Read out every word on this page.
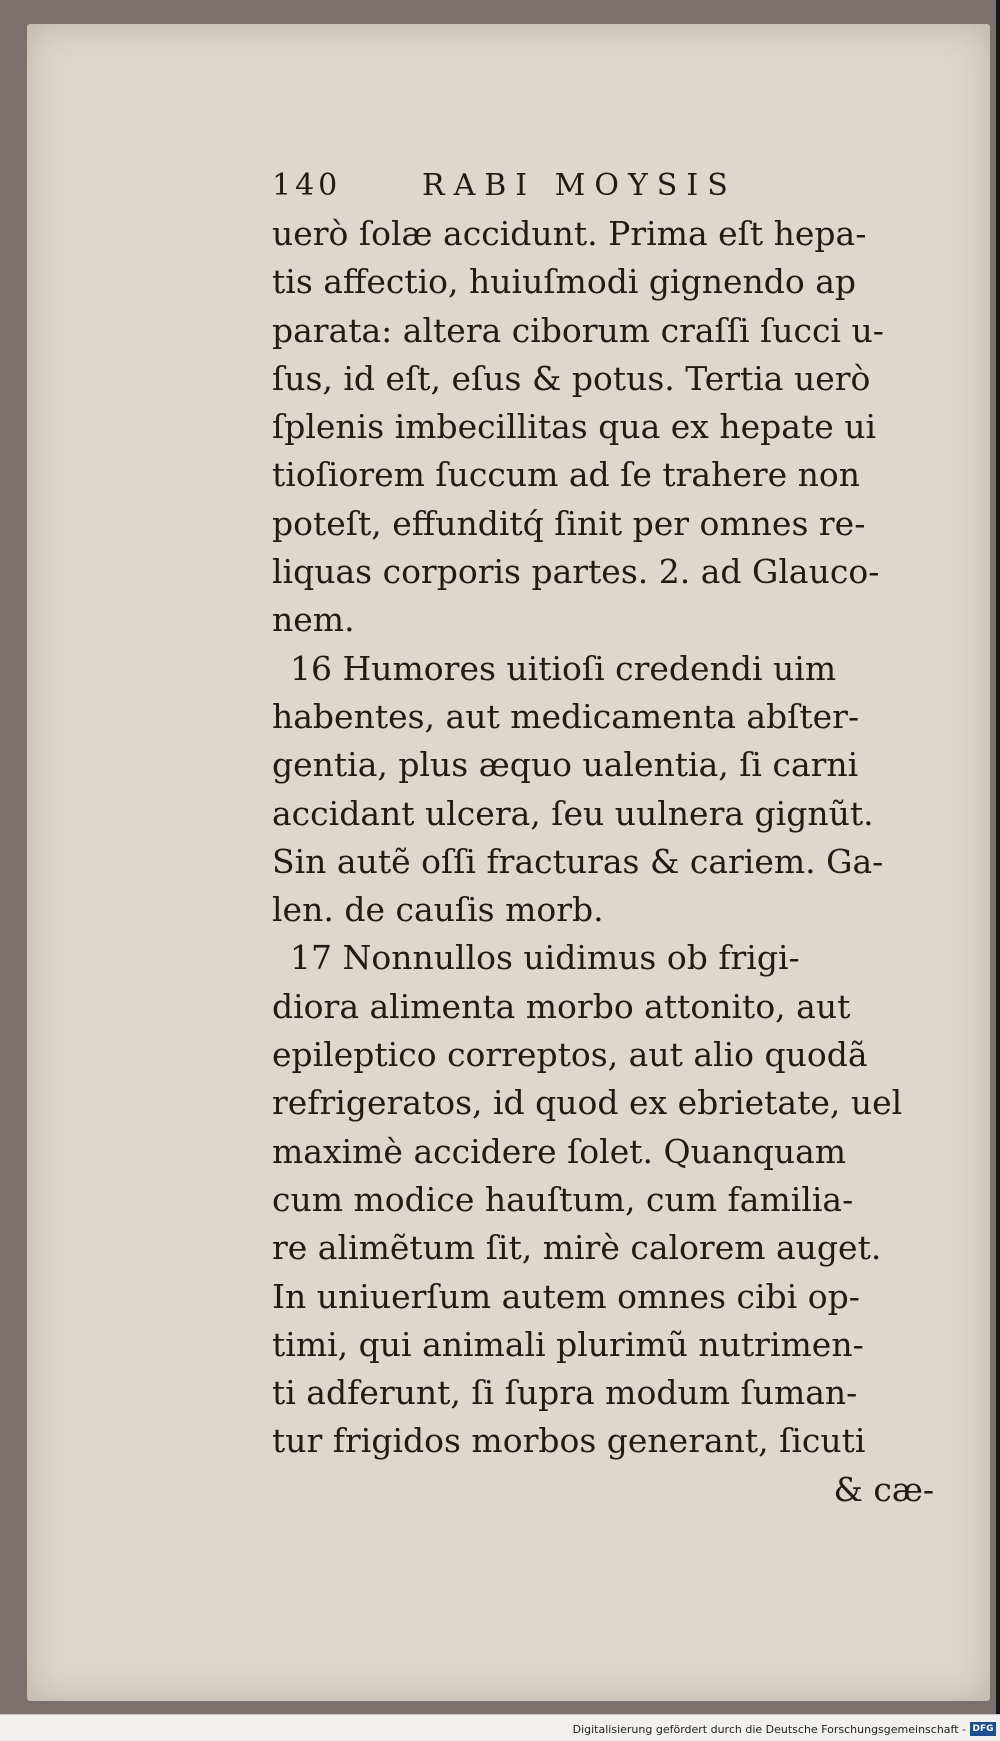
140	RABI MOYSIS
uerò ſolæ accidunt. Prima eſt hepa-
tis affectio, huiuſmodi gignendo ap
parata: altera ciborum craſſi ſucci u-
ſus, id eſt, eſus & potus. Tertia uerò
ſplenis imbecillitas qua ex hepate ui
tioſiorem ſuccum ad ſe trahere non
poteſt, effunditq́ ſinit per omnes re-
liquas corporis partes. 2. ad Glauco-
nem.
16 Humores uitioſi credendi uim
habentes, aut medicamenta abſter-
gentia, plus æquo ualentia, ſi carni
accidant ulcera, ſeu uulnera gignũt.
Sin autẽ oſſi fracturas & cariem. Ga-
len. de cauſis morb.
17 Nonnullos uidimus ob frigi-
diora alimenta morbo attonito, aut
epileptico correptos, aut alio quodã
refrigeratos, id quod ex ebrietate, uel
maximè accidere ſolet. Quanquam
cum modice hauſtum, cum familia-
re alimẽtum ſit, mirè calorem auget.
In uniuerſum autem omnes cibi op-
timi, qui animali plurimũ nutrimen-
ti adferunt, ſi ſupra modum ſuman-
tur frigidos morbos generant, ſicuti
& cæ-
Digitalisierung gefördert durch die Deutsche Forschungsgemeinschaft - DFG
